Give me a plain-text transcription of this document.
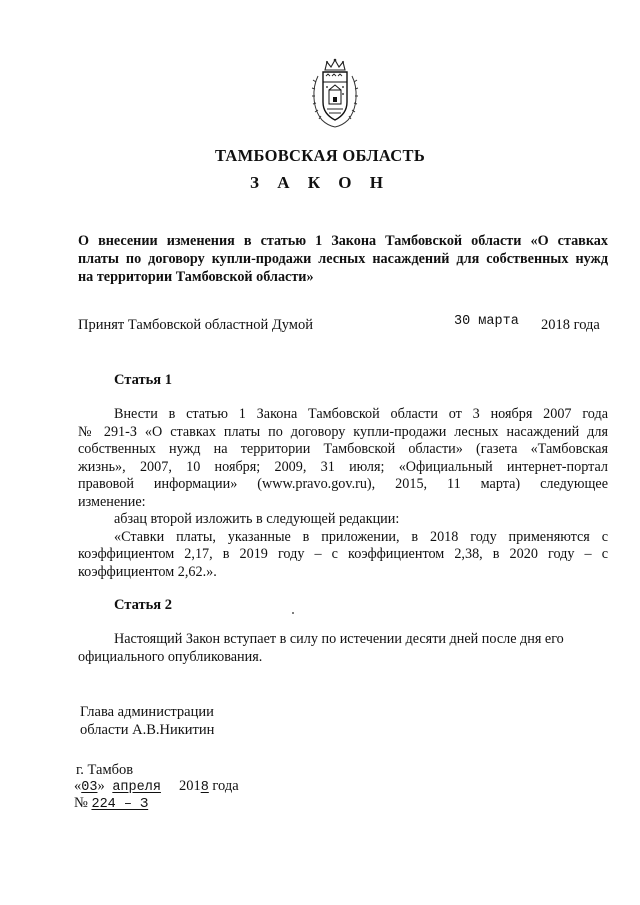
ТАМБОВСКАЯ ОБЛАСТЬ
З А К О Н
О внесении изменения в статью 1 Закона Тамбовской области «О ставках
платы по договору купли-продажи лесных насаждений для собственных нужд
на территории Тамбовской области»
Принят Тамбовской областной Думой	30 марта 2018 года
Статья 1
Внести в статью 1 Закона Тамбовской области от 3 ноября 2007 года
№ 291-З «О ставках платы по договору купли-продажи лесных насаждений для
собственных нужд на территории Тамбовской области» (газета «Тамбовская
жизнь», 2007, 10 ноября; 2009, 31 июля; «Официальный интернет-портал
правовой информации» (www.pravo.gov.ru), 2015, 11 марта) следующее
изменение:
абзац второй изложить в следующей редакции:
«Ставки платы, указанные в приложении, в 2018 году применяются с
коэффициентом 2,17, в 2019 году – с коэффициентом 2,38, в 2020 году – с
коэффициентом 2,62.».
Статья 2
Настоящий Закон вступает в силу по истечении десяти дней после дня его
официального опубликования.
Глава администрации
области А.В.Никитин
г. Тамбов
«03» апреля 2018 года
№ 224 – З
